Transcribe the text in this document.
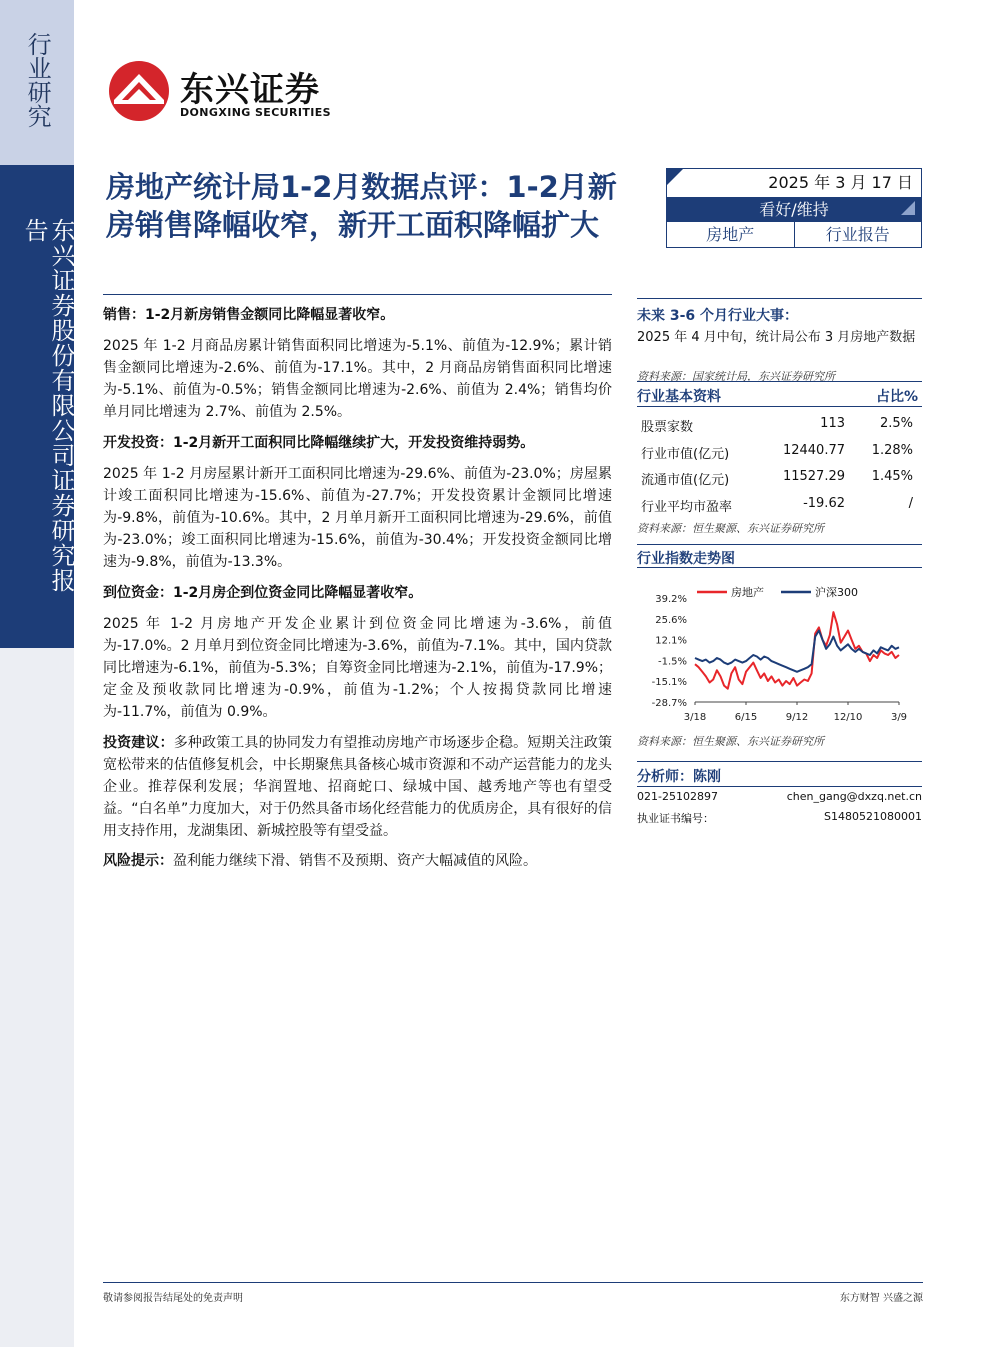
行业研究
东兴证券股份有限公司证券研究报告
东兴证券
DONGXING SECURITIES
房地产统计局1-2月数据点评：1-2月新房销售降幅收窄，新开工面积降幅扩大
2025 年 3 月 17 日
看好/维持
房地产	行业报告
销售：1-2月新房销售金额同比降幅显著收窄。
2025 年 1-2 月商品房累计销售面积同比增速为-5.1%、前值为-12.9%；累计销售金额同比增速为-2.6%、前值为-17.1%。其中，2 月商品房销售面积同比增速为-5.1%、前值为-0.5%；销售金额同比增速为-2.6%、前值为 2.4%；销售均价单月同比增速为 2.7%、前值为 2.5%。
开发投资：1-2月新开工面积同比降幅继续扩大，开发投资维持弱势。
2025 年 1-2 月房屋累计新开工面积同比增速为-29.6%、前值为-23.0%；房屋累计竣工面积同比增速为-15.6%、前值为-27.7%；开发投资累计金额同比增速为-9.8%，前值为-10.6%。其中，2 月单月新开工面积同比增速为-29.6%，前值为-23.0%；竣工面积同比增速为-15.6%，前值为-30.4%；开发投资金额同比增速为-9.8%，前值为-13.3%。
到位资金：1-2月房企到位资金同比降幅显著收窄。
2025 年 1-2 月房地产开发企业累计到位资金同比增速为-3.6%，前值为-17.0%。2 月单月到位资金同比增速为-3.6%，前值为-7.1%。其中，国内贷款同比增速为-6.1%，前值为-5.3%；自筹资金同比增速为-2.1%，前值为-17.9%；定金及预收款同比增速为-0.9%，前值为-1.2%；个人按揭贷款同比增速为-11.7%，前值为 0.9%。
投资建议：多种政策工具的协同发力有望推动房地产市场逐步企稳。短期关注政策宽松带来的估值修复机会，中长期聚焦具备核心城市资源和不动产运营能力的龙头企业。推荐保利发展；华润置地、招商蛇口、绿城中国、越秀地产等也有望受益。“白名单”力度加大，对于仍然具备市场化经营能力的优质房企，具有很好的信用支持作用，龙湖集团、新城控股等有望受益。
风险提示：盈利能力继续下滑、销售不及预期、资产大幅减值的风险。
未来 3-6 个月行业大事：
2025 年 4 月中旬，统计局公布 3 月房地产数据
资料来源：国家统计局，东兴证券研究所
行业基本资料	占比%
股票家数	113	2.5%
行业市值(亿元)	12440.77	1.28%
流通市值(亿元)	11527.29	1.45%
行业平均市盈率	-19.62	/
资料来源：恒生聚源、东兴证券研究所
行业指数走势图
39.2%
25.6%
12.1%
-1.5%
-15.1%
-28.7%
3/18	6/15	9/12	12/10	3/9
房地产	沪深300
资料来源：恒生聚源、东兴证券研究所
分析师：陈刚
021-25102897	chen_gang@dxzq.net.cn
执业证书编号：	S1480521080001
敬请参阅报告结尾处的免责声明	东方财智 兴盛之源
